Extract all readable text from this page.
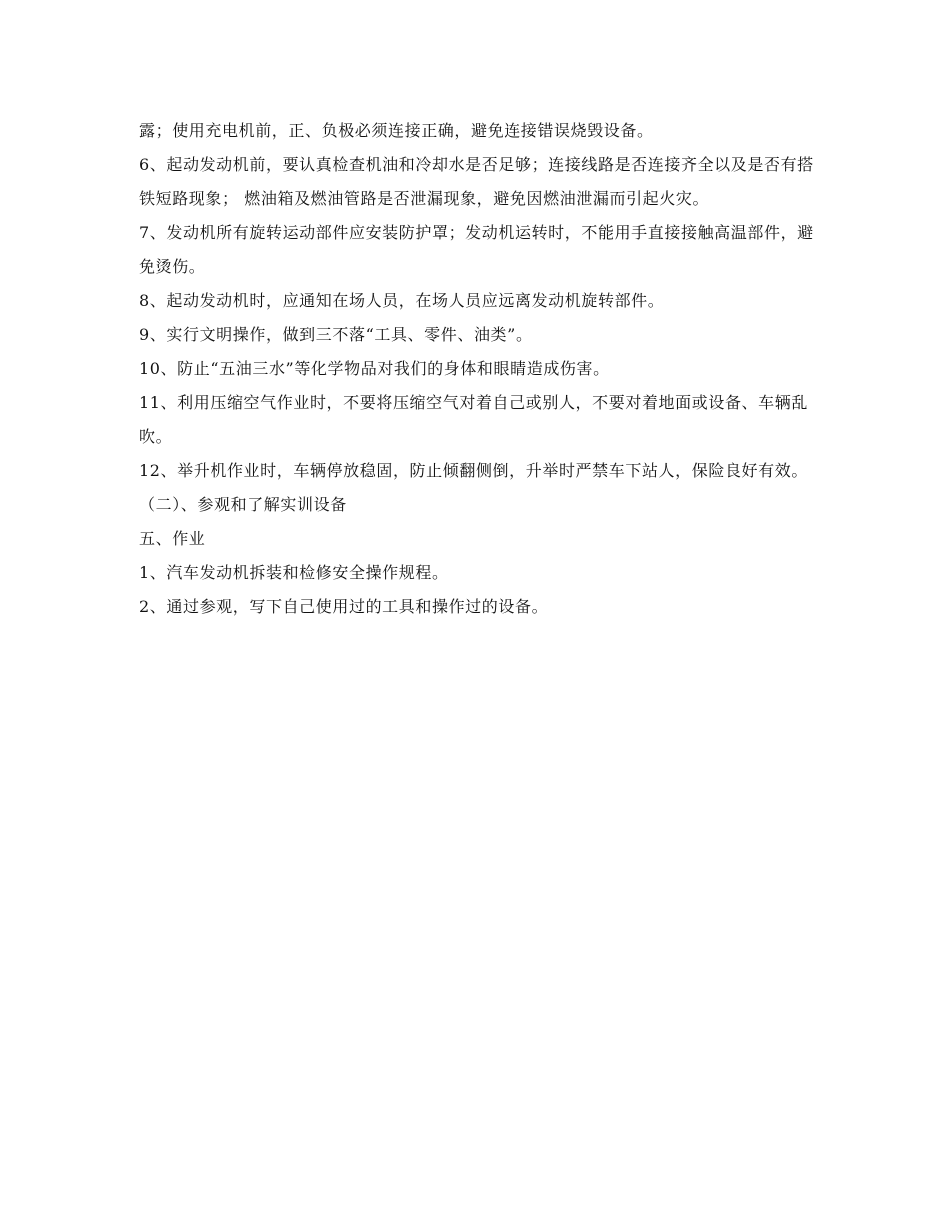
露；使用充电机前，正、负极必须连接正确，避免连接错误烧毁设备。

6、起动发动机前，要认真检查机油和冷却水是否足够；连接线路是否连接齐全以及是否有搭铁短路现象； 燃油箱及燃油管路是否泄漏现象，避免因燃油泄漏而引起火灾。

7、发动机所有旋转运动部件应安装防护罩；发动机运转时，不能用手直接接触高温部件，避免烫伤。

8、起动发动机时，应通知在场人员，在场人员应远离发动机旋转部件。

9、实行文明操作，做到三不落“工具、零件、油类”。

10、防止“五油三水”等化学物品对我们的身体和眼睛造成伤害。

11、利用压缩空气作业时，不要将压缩空气对着自己或别人，不要对着地面或设备、车辆乱吹。

12、举升机作业时，车辆停放稳固，防止倾翻侧倒，升举时严禁车下站人，保险良好有效。

（二）、参观和了解实训设备

五、作业

1、汽车发动机拆装和检修安全操作规程。

2、通过参观，写下自己使用过的工具和操作过的设备。
